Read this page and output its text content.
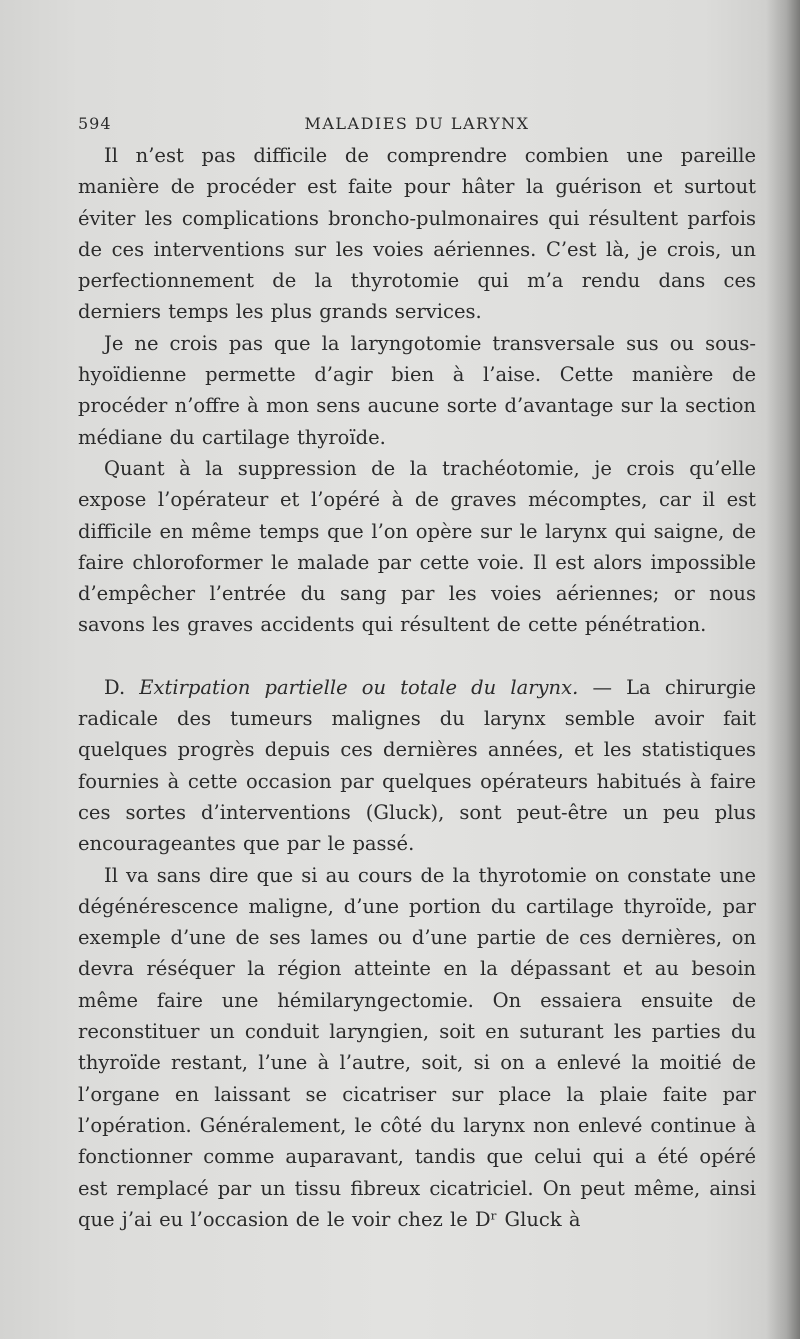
594	MALADIES DU LARYNX

Il n’est pas difficile de comprendre combien une pareille manière de procéder est faite pour hâter la guérison et surtout éviter les complications broncho-pulmonaires qui résultent parfois de ces interventions sur les voies aériennes. C’est là, je crois, un perfectionnement de la thyrotomie qui m’a rendu dans ces derniers temps les plus grands services.

Je ne crois pas que la laryngotomie transversale sus ou sous-hyoïdienne permette d’agir bien à l’aise. Cette manière de procéder n’offre à mon sens aucune sorte d’avantage sur la section médiane du cartilage thyroïde.

Quant à la suppression de la trachéotomie, je crois qu’elle expose l’opérateur et l’opéré à de graves mécomptes, car il est difficile en même temps que l’on opère sur le larynx qui saigne, de faire chloroformer le malade par cette voie. Il est alors impossible d’empêcher l’entrée du sang par les voies aériennes; or nous savons les graves accidents qui résultent de cette pénétration.

D. Extirpation partielle ou totale du larynx. — La chirurgie radicale des tumeurs malignes du larynx semble avoir fait quelques progrès depuis ces dernières années, et les statistiques fournies à cette occasion par quelques opérateurs habitués à faire ces sortes d’interventions (Gluck), sont peut-être un peu plus encourageantes que par le passé.

Il va sans dire que si au cours de la thyrotomie on constate une dégénérescence maligne, d’une portion du cartilage thyroïde, par exemple d’une de ses lames ou d’une partie de ces dernières, on devra réséquer la région atteinte en la dépassant et au besoin même faire une hémilaryngectomie. On essaiera ensuite de reconstituer un conduit laryngien, soit en suturant les parties du thyroïde restant, l’une à l’autre, soit, si on a enlevé la moitié de l’organe en laissant se cicatriser sur place la plaie faite par l’opération. Généralement, le côté du larynx non enlevé continue à fonctionner comme auparavant, tandis que celui qui a été opéré est remplacé par un tissu fibreux cicatriciel. On peut même, ainsi que j’ai eu l’occasion de le voir chez le Dʳ Gluck à
